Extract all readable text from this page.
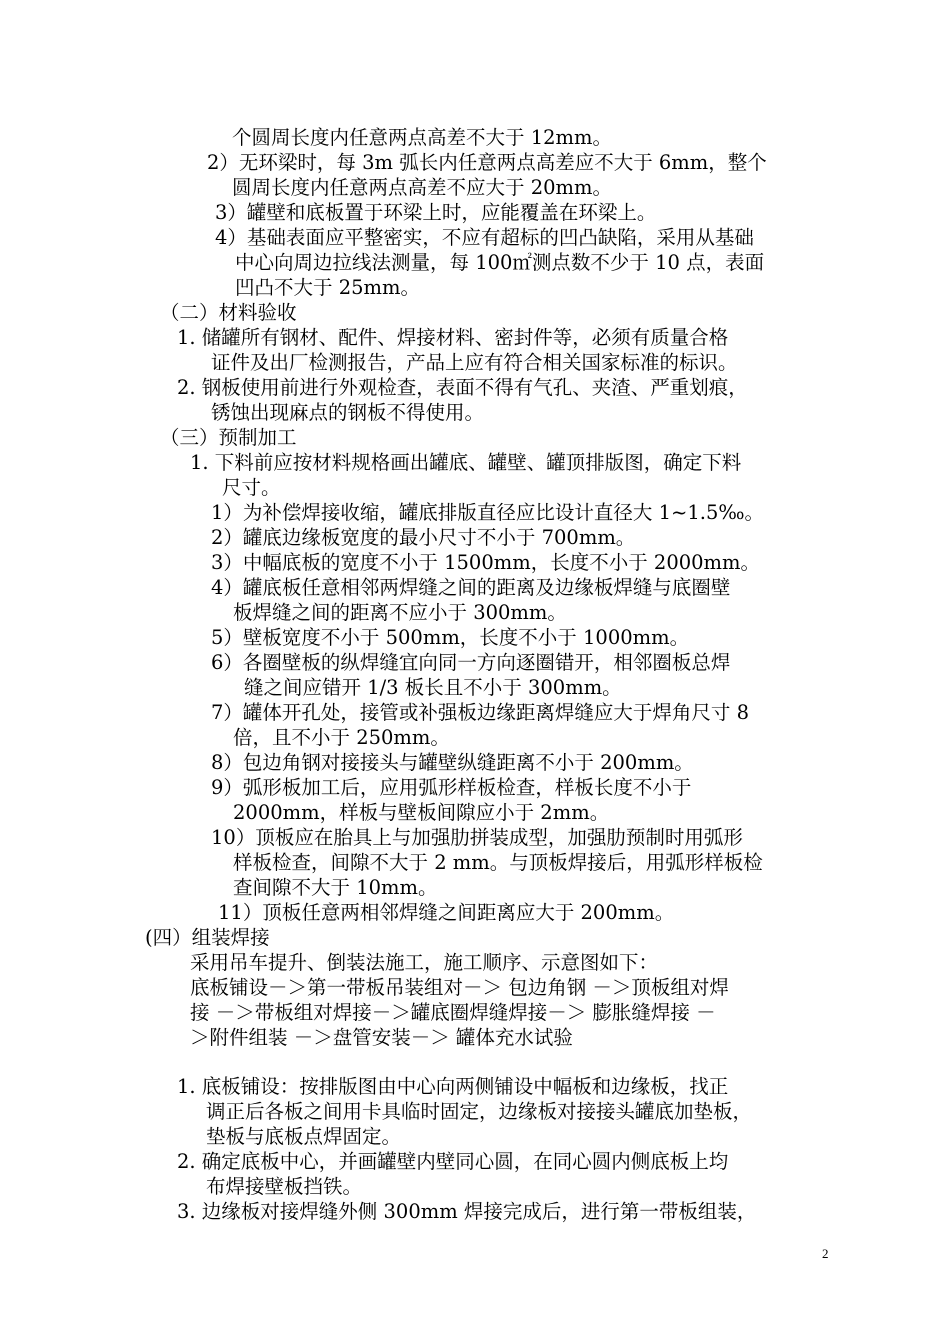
个圆周长度内任意两点高差不大于 12mm。
2）无环梁时，每 3m 弧长内任意两点高差应不大于 6mm，整个
圆周长度内任意两点高差不应大于 20mm。
3）罐壁和底板置于环梁上时，应能覆盖在环梁上。
4）基础表面应平整密实，不应有超标的凹凸缺陷，采用从基础
中心向周边拉线法测量，每 100㎡测点数不少于 10 点，表面
凹凸不大于 25mm。
（二）材料验收
1. 储罐所有钢材、配件、焊接材料、密封件等，必须有质量合格
证件及出厂检测报告，产品上应有符合相关国家标准的标识。
2. 钢板使用前进行外观检查，表面不得有气孔、夹渣、严重划痕，
锈蚀出现麻点的钢板不得使用。
（三）预制加工
1. 下料前应按材料规格画出罐底、罐壁、罐顶排版图，确定下料
尺寸。
1）为补偿焊接收缩，罐底排版直径应比设计直径大 1~1.5‰。
2）罐底边缘板宽度的最小尺寸不小于 700mm。
3）中幅底板的宽度不小于 1500mm，长度不小于 2000mm。
4）罐底板任意相邻两焊缝之间的距离及边缘板焊缝与底圈壁
板焊缝之间的距离不应小于 300mm。
5）壁板宽度不小于 500mm，长度不小于 1000mm。
6）各圈壁板的纵焊缝宜向同一方向逐圈错开，相邻圈板总焊
缝之间应错开 1/3 板长且不小于 300mm。
7）罐体开孔处，接管或补强板边缘距离焊缝应大于焊角尺寸 8
倍，且不小于 250mm。
8）包边角钢对接接头与罐壁纵缝距离不小于 200mm。
9）弧形板加工后，应用弧形样板检查，样板长度不小于
2000mm，样板与壁板间隙应小于 2mm。
10）顶板应在胎具上与加强肋拼装成型，加强肋预制时用弧形
样板检查，间隙不大于 2 mm。与顶板焊接后，用弧形样板检
查间隙不大于 10mm。
11）顶板任意两相邻焊缝之间距离应大于 200mm。
(四）组装焊接
采用吊车提升、倒装法施工，施工顺序、示意图如下：
底板铺设－＞第一带板吊装组对－＞ 包边角钢 －＞顶板组对焊
接 －＞带板组对焊接－＞罐底圈焊缝焊接－＞ 膨胀缝焊接 －
＞附件组装 －＞盘管安装－＞ 罐体充水试验
1. 底板铺设：按排版图由中心向两侧铺设中幅板和边缘板，找正
调正后各板之间用卡具临时固定，边缘板对接接头罐底加垫板，
垫板与底板点焊固定。
2. 确定底板中心，并画罐壁内壁同心圆，在同心圆内侧底板上均
布焊接壁板挡铁。
3. 边缘板对接焊缝外侧 300mm 焊接完成后，进行第一带板组装，
2
